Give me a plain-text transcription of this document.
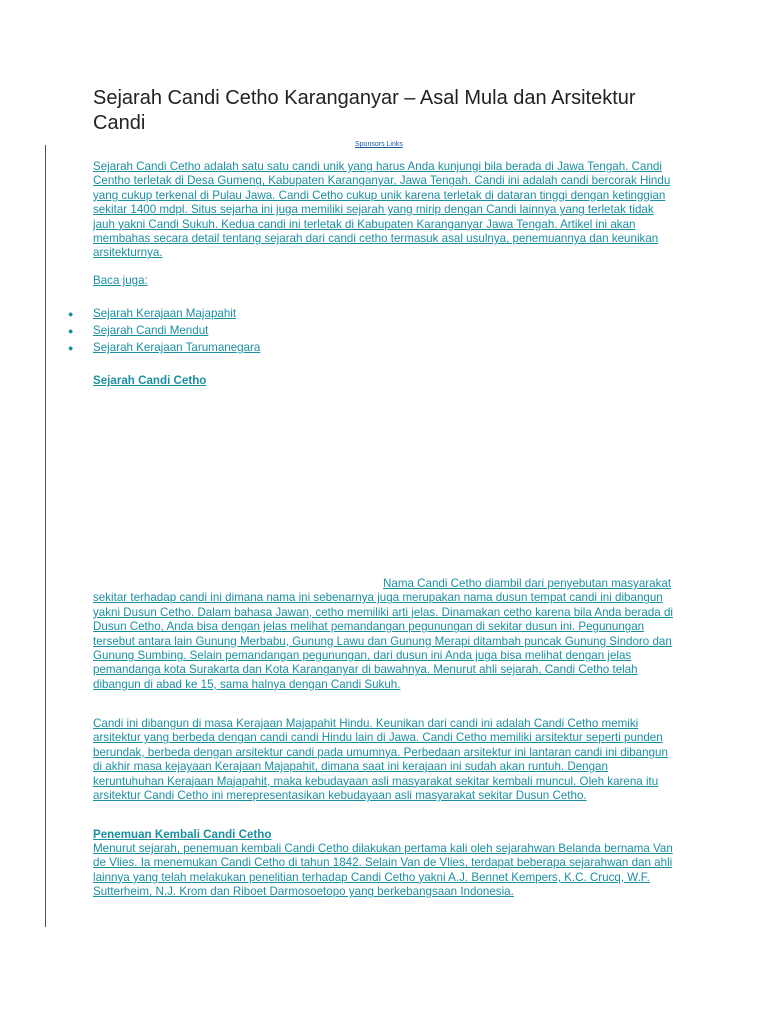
Sejarah Candi Cetho Karanganyar – Asal Mula dan Arsitektur Candi
Sponsors Links

Sejarah Candi Cetho adalah satu satu candi unik yang harus Anda kunjungi bila berada di Jawa Tengah. Candi Centho terletak di Desa Gumeng, Kabupaten Karanganyar, Jawa Tengah. Candi ini adalah candi bercorak Hindu yang cukup terkenal di Pulau Jawa. Candi Cetho cukup unik karena terletak di dataran tinggi dengan ketinggian sekitar 1400 mdpl. Situs sejarha ini juga memiliki sejarah yang mirip dengan Candi lainnya yang terletak tidak jauh yakni Candi Sukuh. Kedua candi ini terletak di Kabupaten Karanganyar Jawa Tengah. Artikel ini akan membahas secara detail tentang sejarah dari candi cetho termasuk asal usulnya, penemuannya dan keunikan arsitekturnya.

Baca juga:
● Sejarah Kerajaan Majapahit
● Sejarah Candi Mendut
● Sejarah Kerajaan Tarumanegara
Sejarah Candi Cetho

Nama Candi Cetho diambil dari penyebutan masyarakat sekitar terhadap candi ini dimana nama ini sebenarnya juga merupakan nama dusun tempat candi ini dibangun yakni Dusun Cetho. Dalam bahasa Jawan, cetho memiliki arti jelas. Dinamakan cetho karena bila Anda berada di Dusun Cetho, Anda bisa dengan jelas melihat pemandangan pegunungan di sekitar dusun ini. Pegunungan tersebut antara lain Gunung Merbabu, Gunung Lawu dan Gunung Merapi ditambah puncak Gunung Sindoro dan Gunung Sumbing. Selain pemandangan pegunungan, dari dusun ini Anda juga bisa melihat dengan jelas pemandanga kota Surakarta dan Kota Karanganyar di bawahnya. Menurut ahli sejarah, Candi Cetho telah dibangun di abad ke 15, sama halnya dengan Candi Sukuh.

Candi ini dibangun di masa Kerajaan Majapahit Hindu. Keunikan dari candi ini adalah Candi Cetho memiki arsitektur yang berbeda dengan candi candi Hindu lain di Jawa. Candi Cetho memiliki arsitektur seperti punden berundak, berbeda dengan arsitektur candi pada umumnya. Perbedaan arsitektur ini lantaran candi ini dibangun di akhir masa kejayaan Kerajaan Majapahit, dimana saat ini kerajaan ini sudah akan runtuh. Dengan keruntuhuhan Kerajaan Majapahit, maka kebudayaan asli masyarakat sekitar kembali muncul. Oleh karena itu arsitektur Candi Cetho ini merepresentasikan kebudayaan asli masyarakat sekitar Dusun Cetho.

Penemuan Kembali Candi Cetho

Menurut sejarah, penemuan kembali Candi Cetho dilakukan pertama kali oleh sejarahwan Belanda bernama Van de Vlies. Ia menemukan Candi Cetho di tahun 1842. Selain Van de Vlies, terdapat beberapa sejarahwan dan ahli lainnya yang telah melakukan penelitian terhadap Candi Cetho yakni A.J. Bennet Kempers, K.C. Crucq, W.F. Sutterheim, N.J. Krom dan Riboet Darmosoetopo yang berkebangsaan Indonesia.
